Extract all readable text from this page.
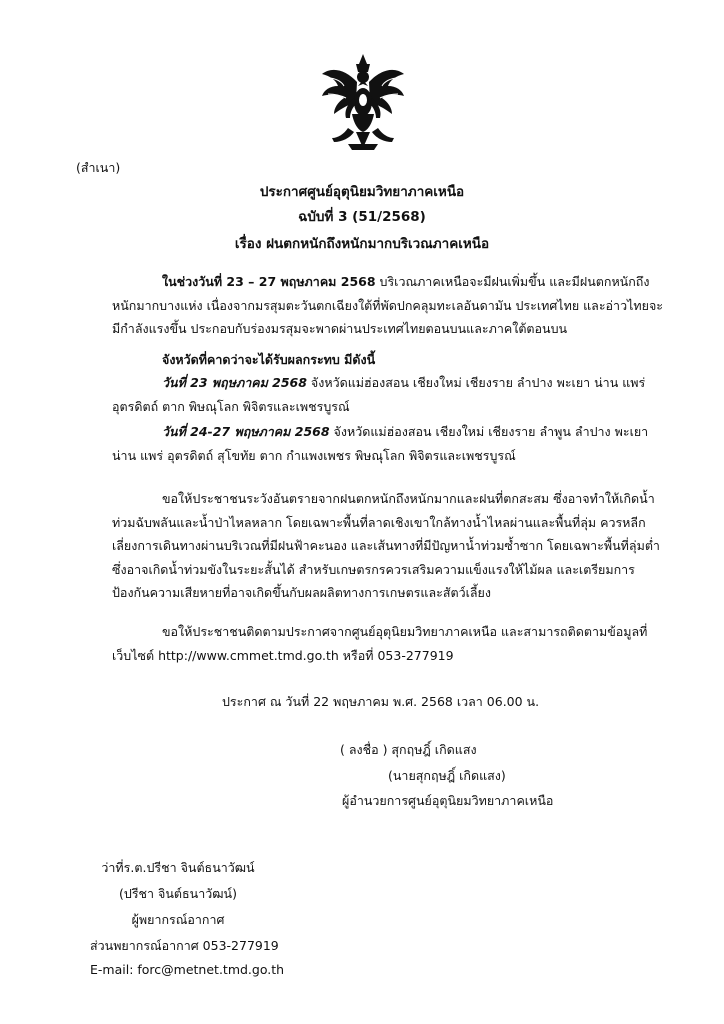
(สำเนา)
ประกาศศูนย์อุตุนิยมวิทยาภาคเหนือ
ฉบับที่ 3 (51/2568)
เรื่อง ฝนตกหนักถึงหนักมากบริเวณภาคเหนือ
ในช่วงวันที่ 23 – 27 พฤษภาคม 2568 บริเวณภาคเหนือจะมีฝนเพิ่มขึ้น และมีฝนตกหนักถึงหนักมากบางแห่ง เนื่องจากมรสุมตะวันตกเฉียงใต้ที่พัดปกคลุมทะเลอันดามัน ประเทศไทย และอ่าวไทยจะมีกำลังแรงขึ้น ประกอบกับร่องมรสุมจะพาดผ่านประเทศไทยตอนบนและภาคใต้ตอนบน
จังหวัดที่คาดว่าจะได้รับผลกระทบ มีดังนี้
วันที่ 23 พฤษภาคม 2568 จังหวัดแม่ฮ่องสอน เชียงใหม่ เชียงราย ลำปาง พะเยา น่าน แพร่ อุตรดิตถ์ ตาก พิษณุโลก พิจิตรและเพชรบูรณ์
วันที่ 24-27 พฤษภาคม 2568 จังหวัดแม่ฮ่องสอน เชียงใหม่ เชียงราย ลำพูน ลำปาง พะเยา น่าน แพร่ อุตรดิตถ์ สุโขทัย ตาก กำแพงเพชร พิษณุโลก พิจิตรและเพชรบูรณ์
ขอให้ประชาชนระวังอันตรายจากฝนตกหนักถึงหนักมากและฝนที่ตกสะสม ซึ่งอาจทำให้เกิดน้ำท่วมฉับพลันและน้ำป่าไหลหลาก โดยเฉพาะพื้นที่ลาดเชิงเขาใกล้ทางน้ำไหลผ่านและพื้นที่ลุ่ม ควรหลีกเลี่ยงการเดินทางผ่านบริเวณที่มีฝนฟ้าคะนอง และเส้นทางที่มีปัญหาน้ำท่วมซ้ำซาก โดยเฉพาะพื้นที่ลุ่มต่ำ ซึ่งอาจเกิดน้ำท่วมขังในระยะสั้นได้ สำหรับเกษตรกรควรเสริมความแข็งแรงให้ไม้ผล และเตรียมการป้องกันความเสียหายที่อาจเกิดขึ้นกับผลผลิตทางการเกษตรและสัตว์เลี้ยง
ขอให้ประชาชนติดตามประกาศจากศูนย์อุตุนิยมวิทยาภาคเหนือ และสามารถติดตามข้อมูลที่เว็บไซต์ http://www.cmmet.tmd.go.th หรือที่ 053-277919
ประกาศ ณ วันที่ 22 พฤษภาคม พ.ศ. 2568 เวลา 06.00 น.
( ลงชื่อ ) สุกฤษฎิ์ เกิดแสง
(นายสุกฤษฎิ์ เกิดแสง)
ผู้อำนวยการศูนย์อุตุนิยมวิทยาภาคเหนือ
ว่าที่ร.ต.ปรีชา จินต์ธนาวัฒน์
(ปรีชา จินต์ธนาวัฒน์)
ผู้พยากรณ์อากาศ
ส่วนพยากรณ์อากาศ 053-277919
E-mail: forc@metnet.tmd.go.th
